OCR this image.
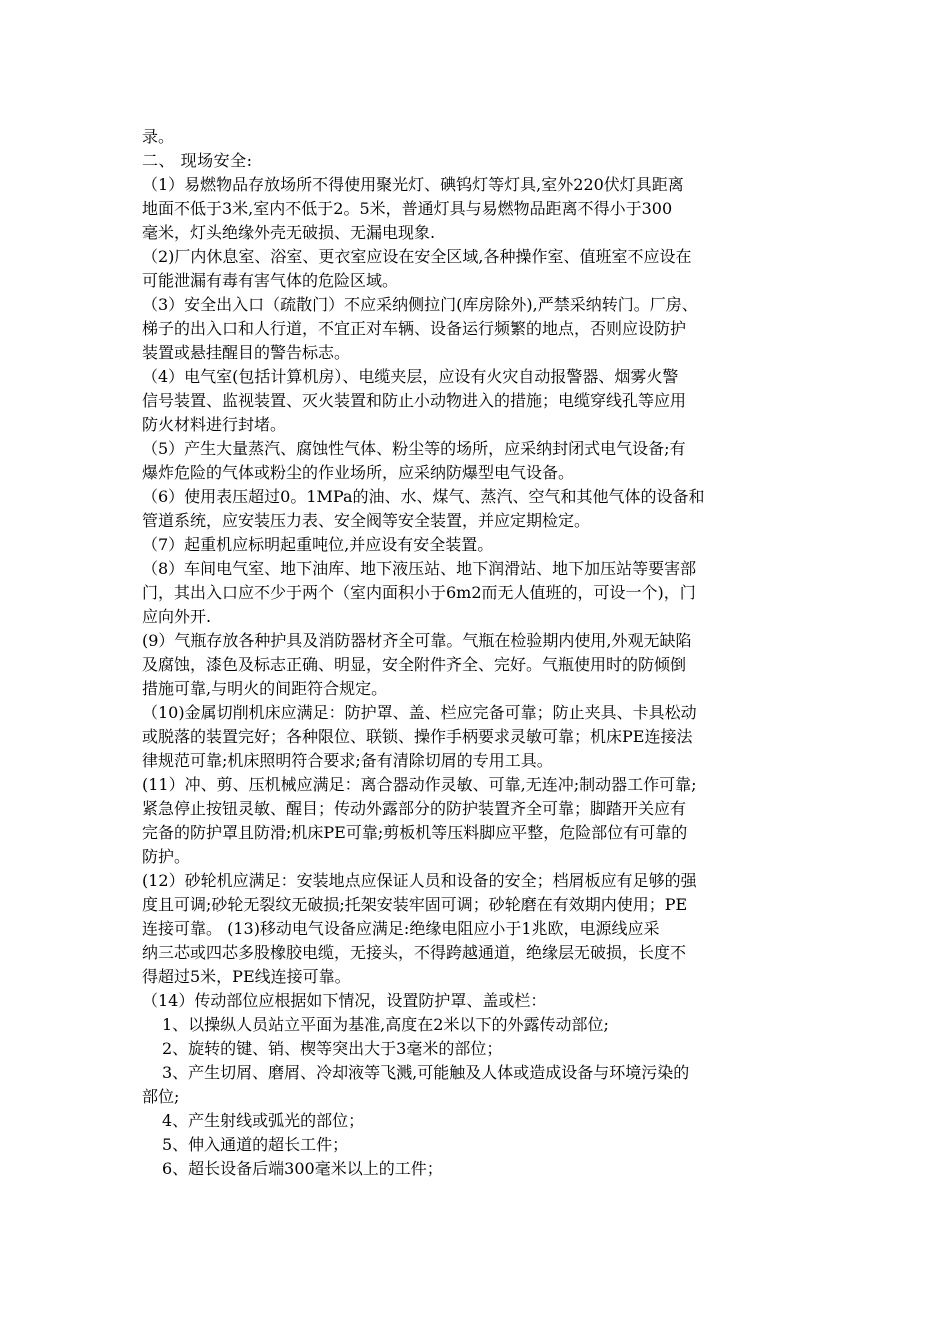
录。
二、 现场安全:
（1）易燃物品存放场所不得使用聚光灯、碘钨灯等灯具,室外220伏灯具距离
地面不低于3米,室内不低于2。5米，普通灯具与易燃物品距离不得小于300
毫米，灯头绝缘外壳无破损、无漏电现象.
（2)厂内休息室、浴室、更衣室应设在安全区域,各种操作室、值班室不应设在
可能泄漏有毒有害气体的危险区域。
（3）安全出入口（疏散门）不应采纳侧拉门(库房除外),严禁采纳转门。厂房、
梯子的出入口和人行道，不宜正对车辆、设备运行频繁的地点，否则应设防护
装置或悬挂醒目的警告标志。
（4）电气室(包括计算机房）、电缆夹层，应设有火灾自动报警器、烟雾火警
信号装置、监视装置、灭火装置和防止小动物进入的措施；电缆穿线孔等应用
防火材料进行封堵。
（5）产生大量蒸汽、腐蚀性气体、粉尘等的场所，应采纳封闭式电气设备;有
爆炸危险的气体或粉尘的作业场所，应采纳防爆型电气设备。
（6）使用表压超过0。1MPa的油、水、煤气、蒸汽、空气和其他气体的设备和
管道系统，应安装压力表、安全阀等安全装置，并应定期检定。
（7）起重机应标明起重吨位,并应设有安全装置。
（8）车间电气室、地下油库、地下液压站、地下润滑站、地下加压站等要害部
门，其出入口应不少于两个（室内面积小于6m2而无人值班的，可设一个)，门
应向外开.
(9）气瓶存放各种护具及消防器材齐全可靠。气瓶在检验期内使用,外观无缺陷
及腐蚀，漆色及标志正确、明显，安全附件齐全、完好。气瓶使用时的防倾倒
措施可靠,与明火的间距符合规定。
（10)金属切削机床应满足：防护罩、盖、栏应完备可靠；防止夹具、卡具松动
或脱落的装置完好；各种限位、联锁、操作手柄要求灵敏可靠；机床PE连接法
律规范可靠;机床照明符合要求;备有清除切屑的专用工具。
(11）冲、剪、压机械应满足：离合器动作灵敏、可靠,无连冲;制动器工作可靠;
紧急停止按钮灵敏、醒目；传动外露部分的防护装置齐全可靠；脚踏开关应有
完备的防护罩且防滑;机床PE可靠;剪板机等压料脚应平整，危险部位有可靠的
防护。
(12）砂轮机应满足：安装地点应保证人员和设备的安全；档屑板应有足够的强
度且可调;砂轮无裂纹无破损;托架安装牢固可调；砂轮磨在有效期内使用；PE
连接可靠。 (13)移动电气设备应满足:绝缘电阻应小于1兆欧，电源线应采
纳三芯或四芯多股橡胶电缆，无接头，不得跨越通道，绝缘层无破损，长度不
得超过5米，PE线连接可靠。
（14）传动部位应根据如下情况，设置防护罩、盖或栏：
1、以操纵人员站立平面为基准,高度在2米以下的外露传动部位;
2、旋转的键、销、楔等突出大于3毫米的部位；
3、产生切屑、磨屑、冷却液等飞溅,可能触及人体或造成设备与环境污染的
部位;
4、产生射线或弧光的部位；
5、伸入通道的超长工件；
6、超长设备后端300毫米以上的工件；
